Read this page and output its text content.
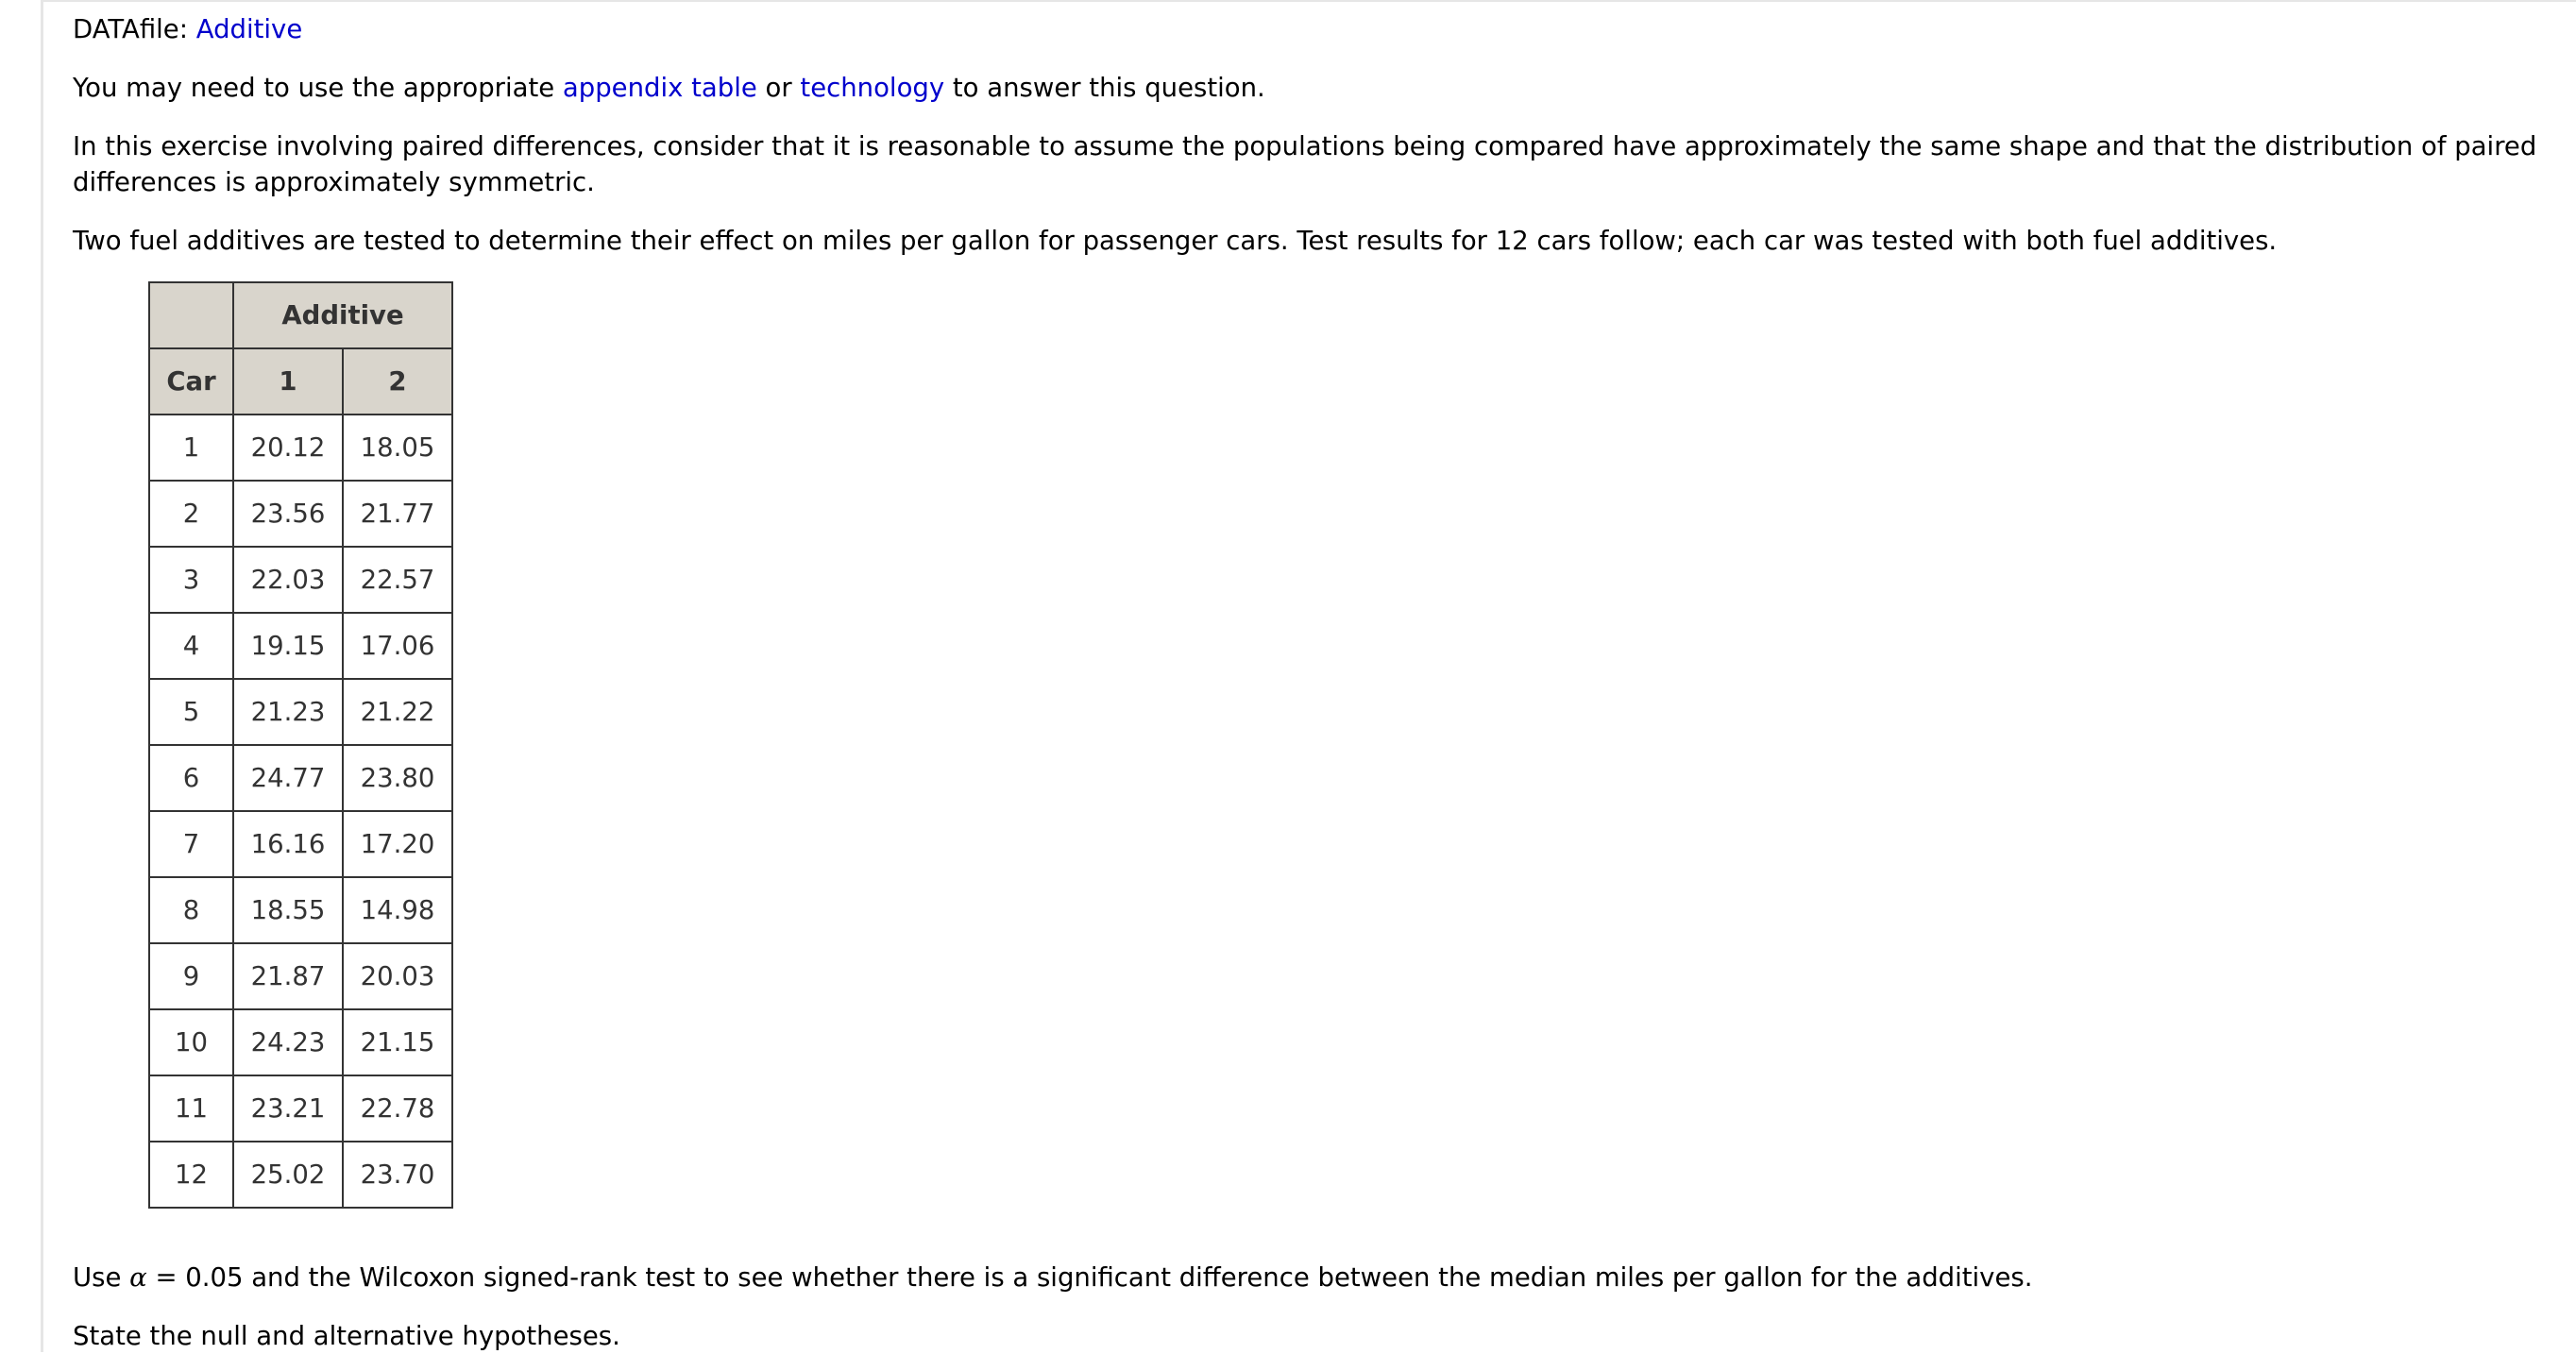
DATAfile: Additive
You may need to use the appropriate appendix table or technology to answer this question.
In this exercise involving paired differences, consider that it is reasonable to assume the populations being compared have approximately the same shape and that the distribution of paired differences is approximately symmetric.
Two fuel additives are tested to determine their effect on miles per gallon for passenger cars. Test results for 12 cars follow; each car was tested with both fuel additives.
Use α = 0.05 and the Wilcoxon signed-rank test to see whether there is a significant difference between the median miles per gallon for the additives.
State the null and alternative hypotheses.
	Additive	
Car	1	2
1	20.12	18.05
2	23.56	21.77
3	22.03	22.57
4	19.15	17.06
5	21.23	21.22
6	24.77	23.80
7	16.16	17.20
8	18.55	14.98
9	21.87	20.03
10	24.23	21.15
11	23.21	22.78
12	25.02	23.70
